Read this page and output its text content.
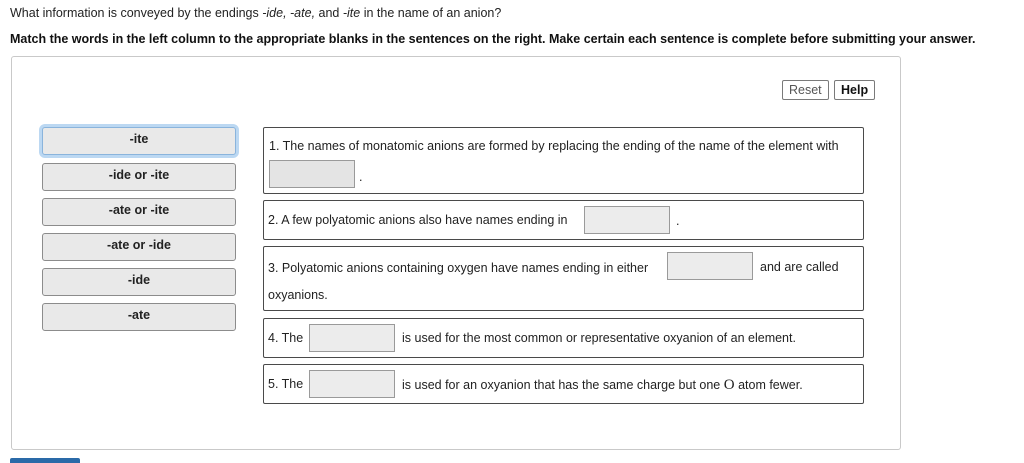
What information is conveyed by the endings -ide, -ate, and -ite in the name of an anion?
Match the words in the left column to the appropriate blanks in the sentences on the right. Make certain each sentence is complete before submitting your answer.
Reset	Help
-ite
-ide or -ite
-ate or -ite
-ate or -ide
-ide
-ate
1. The names of monatomic anions are formed by replacing the ending of the name of the element with
.
2. A few polyatomic anions also have names ending in	.
3. Polyatomic anions containing oxygen have names ending in either	and are called
oxyanions.
4. The	is used for the most common or representative oxyanion of an element.
5. The	is used for an oxyanion that has the same charge but one O atom fewer.
